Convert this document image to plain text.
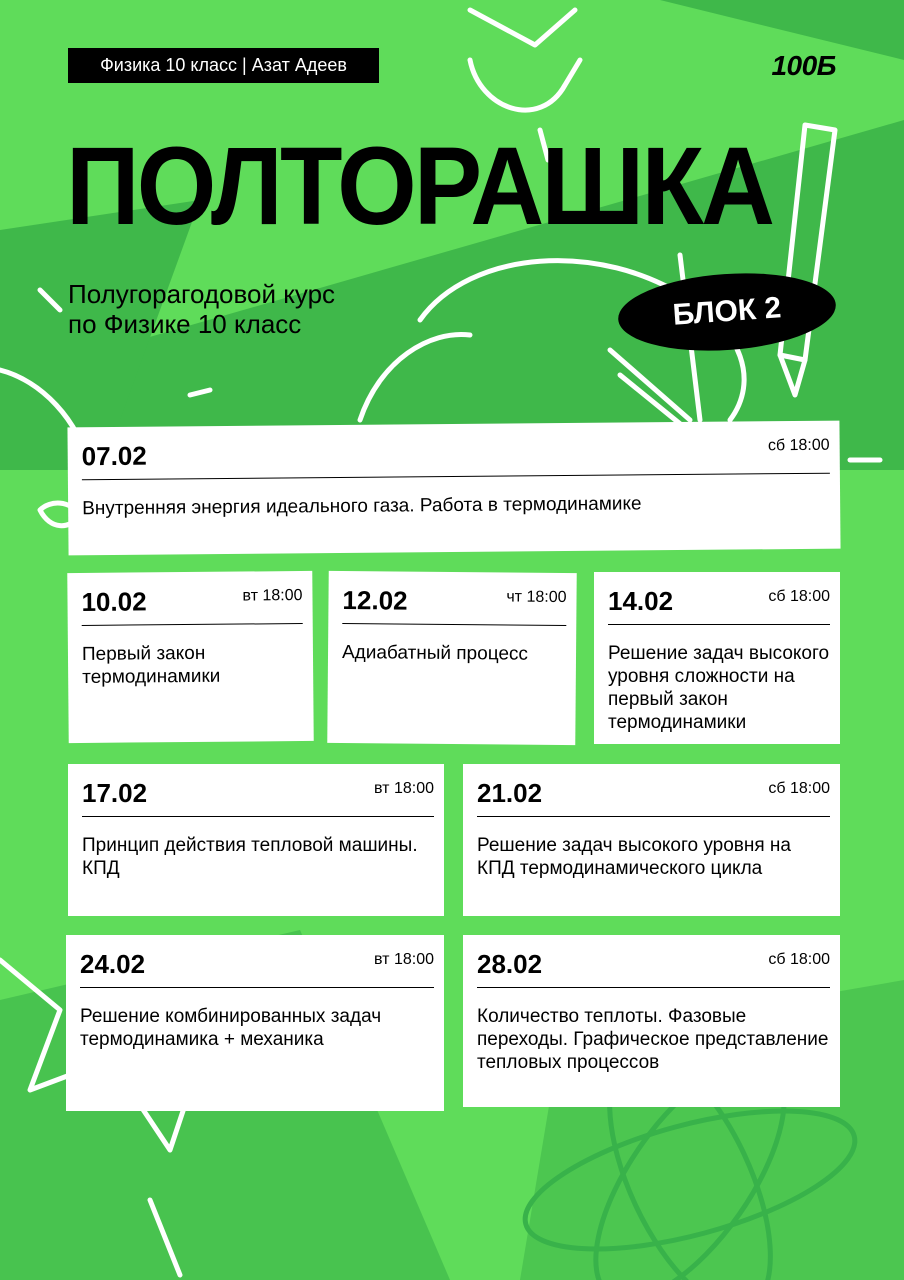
Физика 10 класс | Азат Адеев	100Б
ПОЛТОРАШКА
Полугорагодовой курс
по Физике 10 класс	БЛОК 2
07.02	сб 18:00
Внутренняя энергия идеального газа. Работа в термодинамике
10.02	вт 18:00
Первый закон термодинамики
12.02	чт 18:00
Адиабатный процесс
14.02	сб 18:00
Решение задач высокого уровня сложности на первый закон термодинамики
17.02	вт 18:00
Принцип действия тепловой машины. КПД
21.02	сб 18:00
Решение задач высокого уровня на КПД термодинамического цикла
24.02	вт 18:00
Решение комбинированных задач термодинамика + механика
28.02	сб 18:00
Количество теплоты. Фазовые переходы. Графическое представление тепловых процессов
